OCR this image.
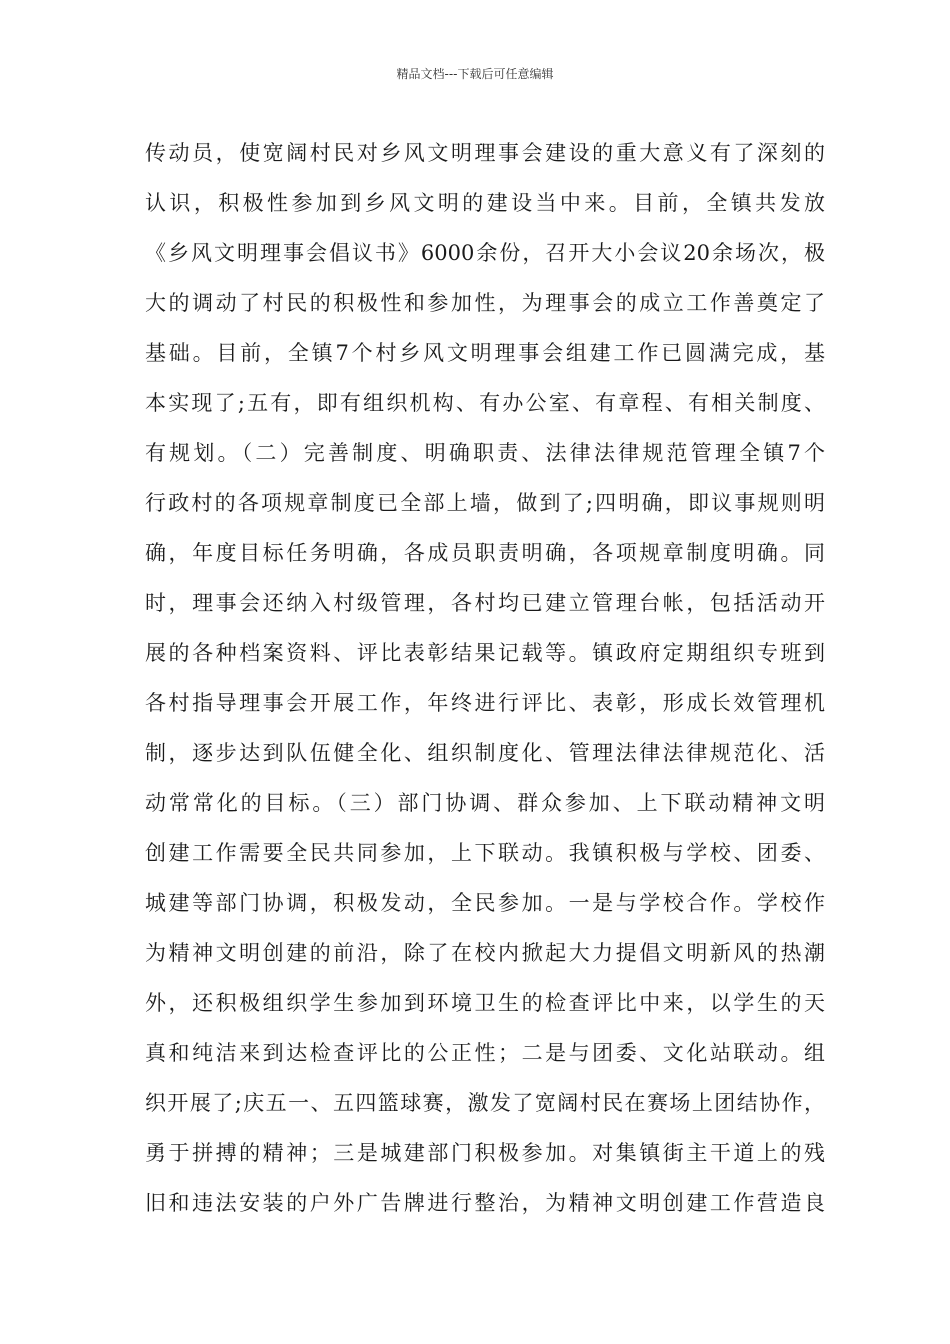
精品文档---下载后可任意编辑
传动员，使宽阔村民对乡风文明理事会建设的重大意义有了深刻的
认识，积极性参加到乡风文明的建设当中来。目前，全镇共发放
《乡风文明理事会倡议书》6000余份，召开大小会议20余场次，极
大的调动了村民的积极性和参加性，为理事会的成立工作善奠定了
基础。目前，全镇7个村乡风文明理事会组建工作已圆满完成，基
本实现了;五有，即有组织机构、有办公室、有章程、有相关制度、
有规划。（二）完善制度、明确职责、法律法律规范管理全镇7个
行政村的各项规章制度已全部上墙，做到了;四明确，即议事规则明
确，年度目标任务明确，各成员职责明确，各项规章制度明确。同
时，理事会还纳入村级管理，各村均已建立管理台帐，包括活动开
展的各种档案资料、评比表彰结果记载等。镇政府定期组织专班到
各村指导理事会开展工作，年终进行评比、表彰，形成长效管理机
制，逐步达到队伍健全化、组织制度化、管理法律法律规范化、活
动常常化的目标。（三）部门协调、群众参加、上下联动精神文明
创建工作需要全民共同参加，上下联动。我镇积极与学校、团委、
城建等部门协调，积极发动，全民参加。一是与学校合作。学校作
为精神文明创建的前沿，除了在校内掀起大力提倡文明新风的热潮
外，还积极组织学生参加到环境卫生的检查评比中来，以学生的天
真和纯洁来到达检查评比的公正性；二是与团委、文化站联动。组
织开展了;庆五一、五四篮球赛，激发了宽阔村民在赛场上团结协作，
勇于拼搏的精神；三是城建部门积极参加。对集镇街主干道上的残
旧和违法安装的户外广告牌进行整治，为精神文明创建工作营造良
